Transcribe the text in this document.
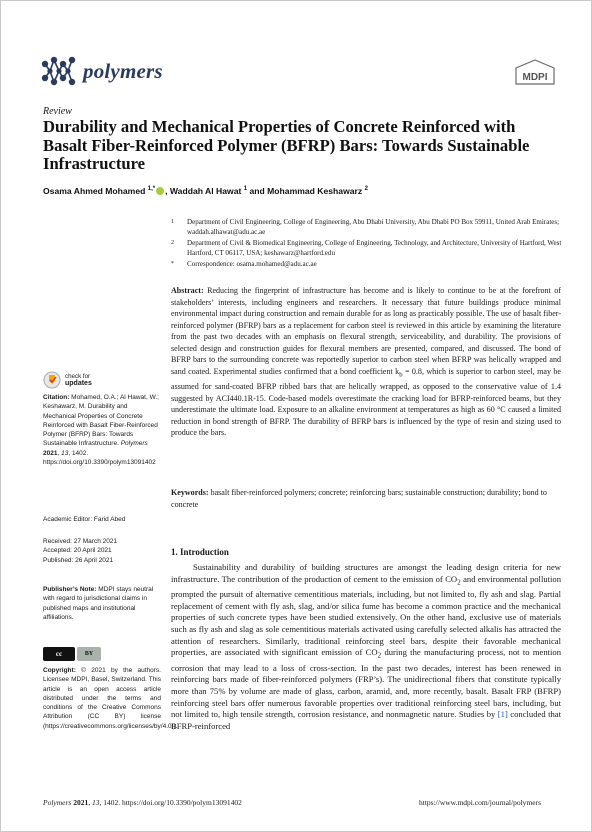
polymers	MDPI
Review
Durability and Mechanical Properties of Concrete Reinforced with Basalt Fiber-Reinforced Polymer (BFRP) Bars: Towards Sustainable Infrastructure
Osama Ahmed Mohamed $^{1,*}$ , Waddah Al Hawat $^1$ and Mohammad Keshawarz $^2$
1	Department of Civil Engineering, College of Engineering, Abu Dhabi University, Abu Dhabi PO Box 59911, United Arab Emirates; waddah.alhawat@adu.ac.ae
2	Department of Civil & Biomedical Engineering, College of Engineering, Technology, and Architecture, University of Hartford, West Hartford, CT 06117, USA; keshawarz@hartford.edu
*	Correspondence: osama.mohamed@adu.ac.ae
Abstract: Reducing the fingerprint of infrastructure has become and is likely to continue to be at the forefront of stakeholders’ interests, including engineers and researchers. It necessary that future buildings produce minimal environmental impact during construction and remain durable for as long as practicably possible. The use of basalt fiber-reinforced polymer (BFRP) bars as a replacement for carbon steel is reviewed in this article by examining the literature from the past two decades with an emphasis on flexural strength, serviceability, and durability. The provisions of selected design and construction guides for flexural members are presented, compared, and discussed. The bond of BFRP bars to the surrounding concrete was reportedly superior to carbon steel when BFRP was helically wrapped and sand coated. Experimental studies confirmed that a bond coefficient $k_b = 0.8$, which is superior to carbon steel, may be assumed for sand-coated BFRP ribbed bars that are helically wrapped, as opposed to the conservative value of 1.4 suggested by ACI440.1R-15. Code-based models overestimate the cracking load for BFRP-reinforced beams, but they underestimate the ultimate load. Exposure to an alkaline environment at temperatures as high as 60 °C caused a limited reduction in bond strength of BFRP. The durability of BFRP bars is influenced by the type of resin and sizing used to produce the bars.
Keywords: basalt fiber-reinforced polymers; concrete; reinforcing bars; sustainable construction; durability; bond to concrete
1. Introduction

Sustainability and durability of building structures are amongst the leading design criteria for new infrastructure. The contribution of the production of cement to the emission of $CO_2$ and environmental pollution prompted the pursuit of alternative cementitious materials, including, but not limited to, fly ash and slag. Partial replacement of cement with fly ash, slag, and/or silica fume has become a common practice and the mechanical properties of such concrete types have been studied extensively. On the other hand, exclusive use of materials such as fly ash and slag as sole cementitious materials activated using carefully selected alkalis has attracted the attention of researchers. Similarly, traditional reinforcing steel bars, despite their favorable mechanical properties, are associated with significant emission of $CO_2$ during the manufacturing process, not to mention corrosion that may lead to a loss of cross-section. In the past two decades, interest has been renewed in reinforcing bars made of fiber-reinforced polymers (FRP’s). The unidirectional fibers that constitute typically more than 75% by volume are made of glass, carbon, aramid, and, more recently, basalt. Basalt FRP (BFRP) reinforcing steel bars offer numerous favorable properties over traditional reinforcing steel bars, including, but not limited to, high tensile strength, corrosion resistance, and nonmagnetic nature. Studies by [1] concluded that BFRP-reinforced

check for
updates
Citation: Mohamed, O.A.; Al Hawat, W.; Keshawarz, M. Durability and Mechanical Properties of Concrete Reinforced with Basalt Fiber-Reinforced Polymer (BFRP) Bars: Towards Sustainable Infrastructure. Polymers 2021, 13, 1402. https://doi.org/10.3390/polym13091402
Academic Editor: Farid Abed
Received: 27 March 2021
Accepted: 20 April 2021
Published: 26 April 2021
Publisher’s Note: MDPI stays neutral with regard to jurisdictional claims in published maps and institutional affiliations.
cc	BY
Copyright: © 2021 by the authors. Licensee MDPI, Basel, Switzerland. This article is an open access article distributed under the terms and conditions of the Creative Commons Attribution (CC BY) license (https://creativecommons.org/licenses/by/4.0/).
Polymers 2021, 13, 1402. https://doi.org/10.3390/polym13091402	https://www.mdpi.com/journal/polymers
